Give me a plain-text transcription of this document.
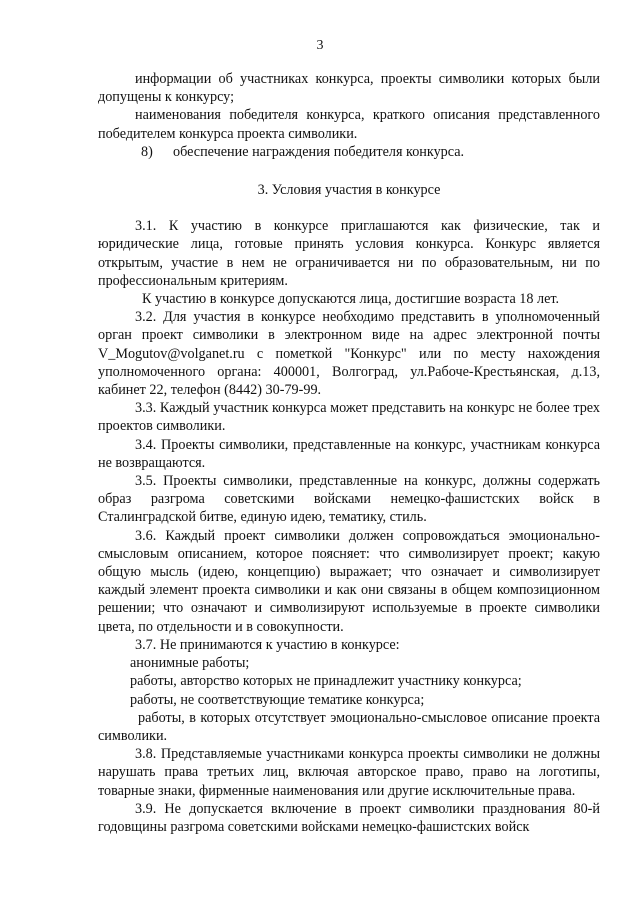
3

информации об участниках конкурса, проекты символики которых были допущены к конкурсу;

наименования победителя конкурса, краткого описания представленного победителем конкурса проекта символики.

8) обеспечение награждения победителя конкурса.

3. Условия участия в конкурсе

3.1. К участию в конкурсе приглашаются как физические, так и юридические лица, готовые принять условия конкурса. Конкурс является открытым, участие в нем не ограничивается ни по образовательным, ни по профессиональным критериям.

К участию в конкурсе допускаются лица, достигшие возраста 18 лет.

3.2. Для участия в конкурсе необходимо представить в уполномоченный орган проект символики в электронном виде на адрес электронной почты V_Mogutov@volganet.ru с пометкой "Конкурс" или по месту нахождения уполномоченного органа: 400001, Волгоград, ул.Рабоче-Крестьянская, д.13, кабинет 22, телефон (8442) 30-79-99.

3.3. Каждый участник конкурса может представить на конкурс не более трех проектов символики.

3.4. Проекты символики, представленные на конкурс, участникам конкурса не возвращаются.

3.5. Проекты символики, представленные на конкурс, должны содержать образ разгрома советскими войсками немецко-фашистских войск в Сталинградской битве, единую идею, тематику, стиль.

3.6. Каждый проект символики должен сопровождаться эмоционально-смысловым описанием, которое поясняет: что символизирует проект; какую общую мысль (идею, концепцию) выражает; что означает и символизирует каждый элемент проекта символики и как они связаны в общем композиционном решении; что означают и символизируют используемые в проекте символики цвета, по отдельности и в совокупности.

3.7. Не принимаются к участию в конкурсе:

анонимные работы;

работы, авторство которых не принадлежит участнику конкурса;

работы, не соответствующие тематике конкурса;

работы, в которых отсутствует эмоционально-смысловое описание проекта символики.

3.8. Представляемые участниками конкурса проекты символики не должны нарушать права третьих лиц, включая авторское право, право на логотипы, товарные знаки, фирменные наименования или другие исключительные права.

3.9. Не допускается включение в проект символики празднования 80-й годовщины разгрома советскими войсками немецко-фашистских войск
